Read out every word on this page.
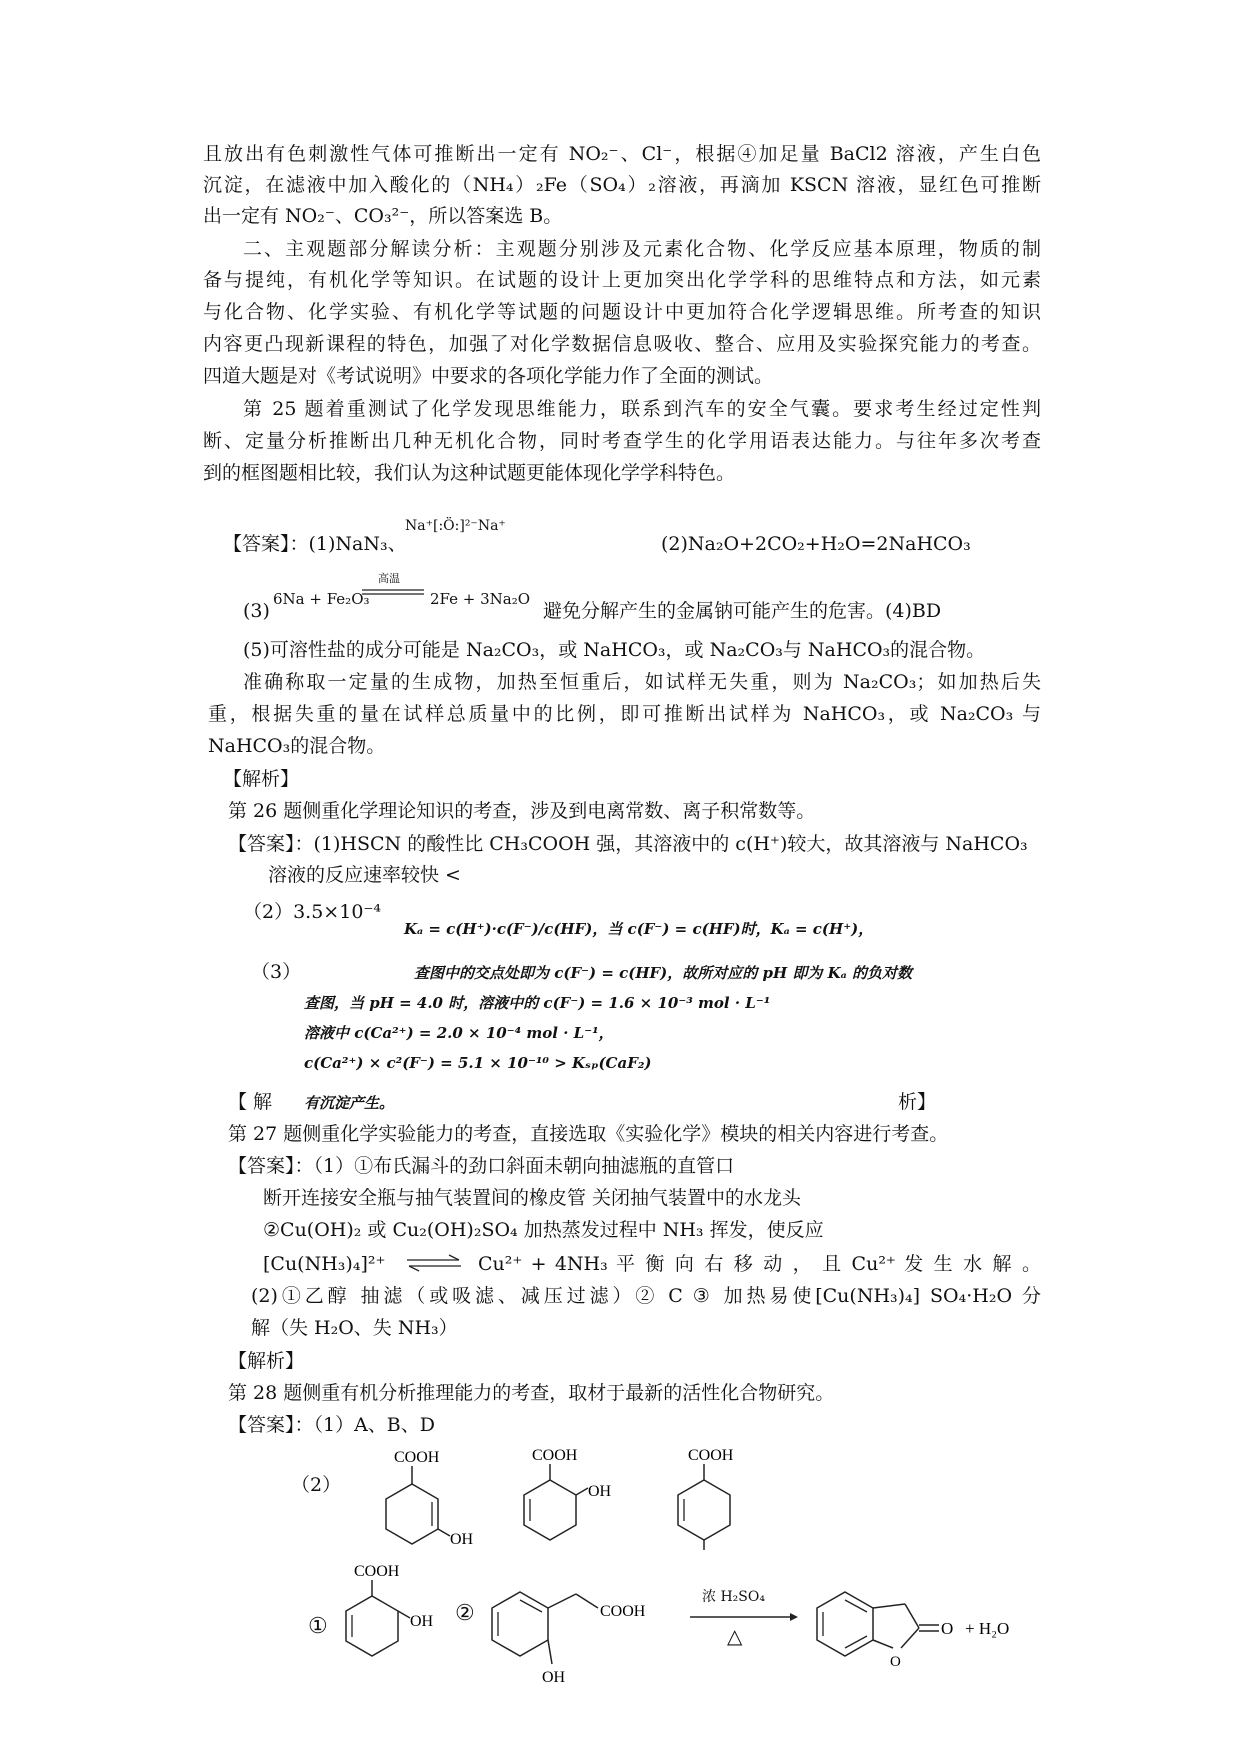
且放出有色刺激性气体可推断出一定有 NO₂⁻、Cl⁻，根据④加足量 BaCl2 溶液，产生白色
沉淀，在滤液中加入酸化的（NH₄）₂Fe（SO₄）₂溶液，再滴加 KSCN 溶液，显红色可推断
出一定有 NO₂⁻、CO₃²⁻，所以答案选 B。
二、主观题部分解读分析：主观题分别涉及元素化合物、化学反应基本原理，物质的制
备与提纯，有机化学等知识。在试题的设计上更加突出化学学科的思维特点和方法，如元素
与化合物、化学实验、有机化学等试题的问题设计中更加符合化学逻辑思维。所考查的知识
内容更凸现新课程的特色，加强了对化学数据信息吸收、整合、应用及实验探究能力的考查。
四道大题是对《考试说明》中要求的各项化学能力作了全面的测试。
第 25 题着重测试了化学发现思维能力，联系到汽车的安全气囊。要求考生经过定性判
断、定量分析推断出几种无机化合物，同时考查学生的化学用语表达能力。与往年多次考查
到的框图题相比较，我们认为这种试题更能体现化学学科特色。
【答案】：(1)NaN₃、
Na⁺[:Ö:]²⁻Na⁺
(2)Na₂O+2CO₂+H₂O=2NaHCO₃
(3)
6Na + Fe₂O₃
高温
2Fe + 3Na₂O
避免分解产生的金属钠可能产生的危害。(4)BD
(5)可溶性盐的成分可能是 Na₂CO₃，或 NaHCO₃，或 Na₂CO₃与 NaHCO₃的混合物。
准确称取一定量的生成物，加热至恒重后，如试样无失重，则为 Na₂CO₃；如加热后失
重，根据失重的量在试样总质量中的比例，即可推断出试样为 NaHCO₃，或 Na₂CO₃ 与
NaHCO₃的混合物。
【解析】
第 26 题侧重化学理论知识的考查，涉及到电离常数、离子积常数等。
【答案】：(1)HSCN 的酸性比 CH₃COOH 强，其溶液中的 c(H⁺)较大，故其溶液与 NaHCO₃
溶液的反应速率较快 <
（2）3.5×10⁻⁴
Kₐ = c(H⁺)·c(F⁻)/c(HF)，当 c(F⁻) = c(HF)时，Kₐ = c(H⁺)，
（3）	查图中的交点处即为 c(F⁻) = c(HF)，故所对应的 pH 即为 Kₐ 的负对数
查图，当 pH = 4.0 时，溶液中的 c(F⁻) = 1.6 × 10⁻³ mol · L⁻¹
溶液中 c(Ca²⁺) = 2.0 × 10⁻⁴ mol · L⁻¹，
c(Ca²⁺) × c²(F⁻) = 5.1 × 10⁻¹⁰ > Kₛₚ(CaF₂)
【 解 有沉淀产生。	析】
第 27 题侧重化学实验能力的考查，直接选取《实验化学》模块的相关内容进行考查。
【答案】：（1）①布氏漏斗的劲口斜面未朝向抽滤瓶的直管口
断开连接安全瓶与抽气装置间的橡皮管 关闭抽气装置中的水龙头
②Cu(OH)₂ 或 Cu₂(OH)₂SO₄ 加热蒸发过程中 NH₃ 挥发，使反应
[Cu(NH₃)₄]²⁺	Cu²⁺ + 4NH₃ 平 衡 向 右 移 动 ， 且 Cu²⁺ 发 生 水 解 。
(2)①乙醇 抽滤（或吸滤、减压过滤）② C ③ 加热易使[Cu(NH₃)₄] SO₄·H₂O 分
解（失 H₂O、失 NH₃）
【解析】
第 28 题侧重有机分析推理能力的考查，取材于最新的活性化合物研究。
【答案】：（1）A、B、D
（2）
COOH
OH
COOH
OH
COOH
①
COOH
OH ②	COOH
OH
浓 H₂SO₄
△
O
O + H₂O
